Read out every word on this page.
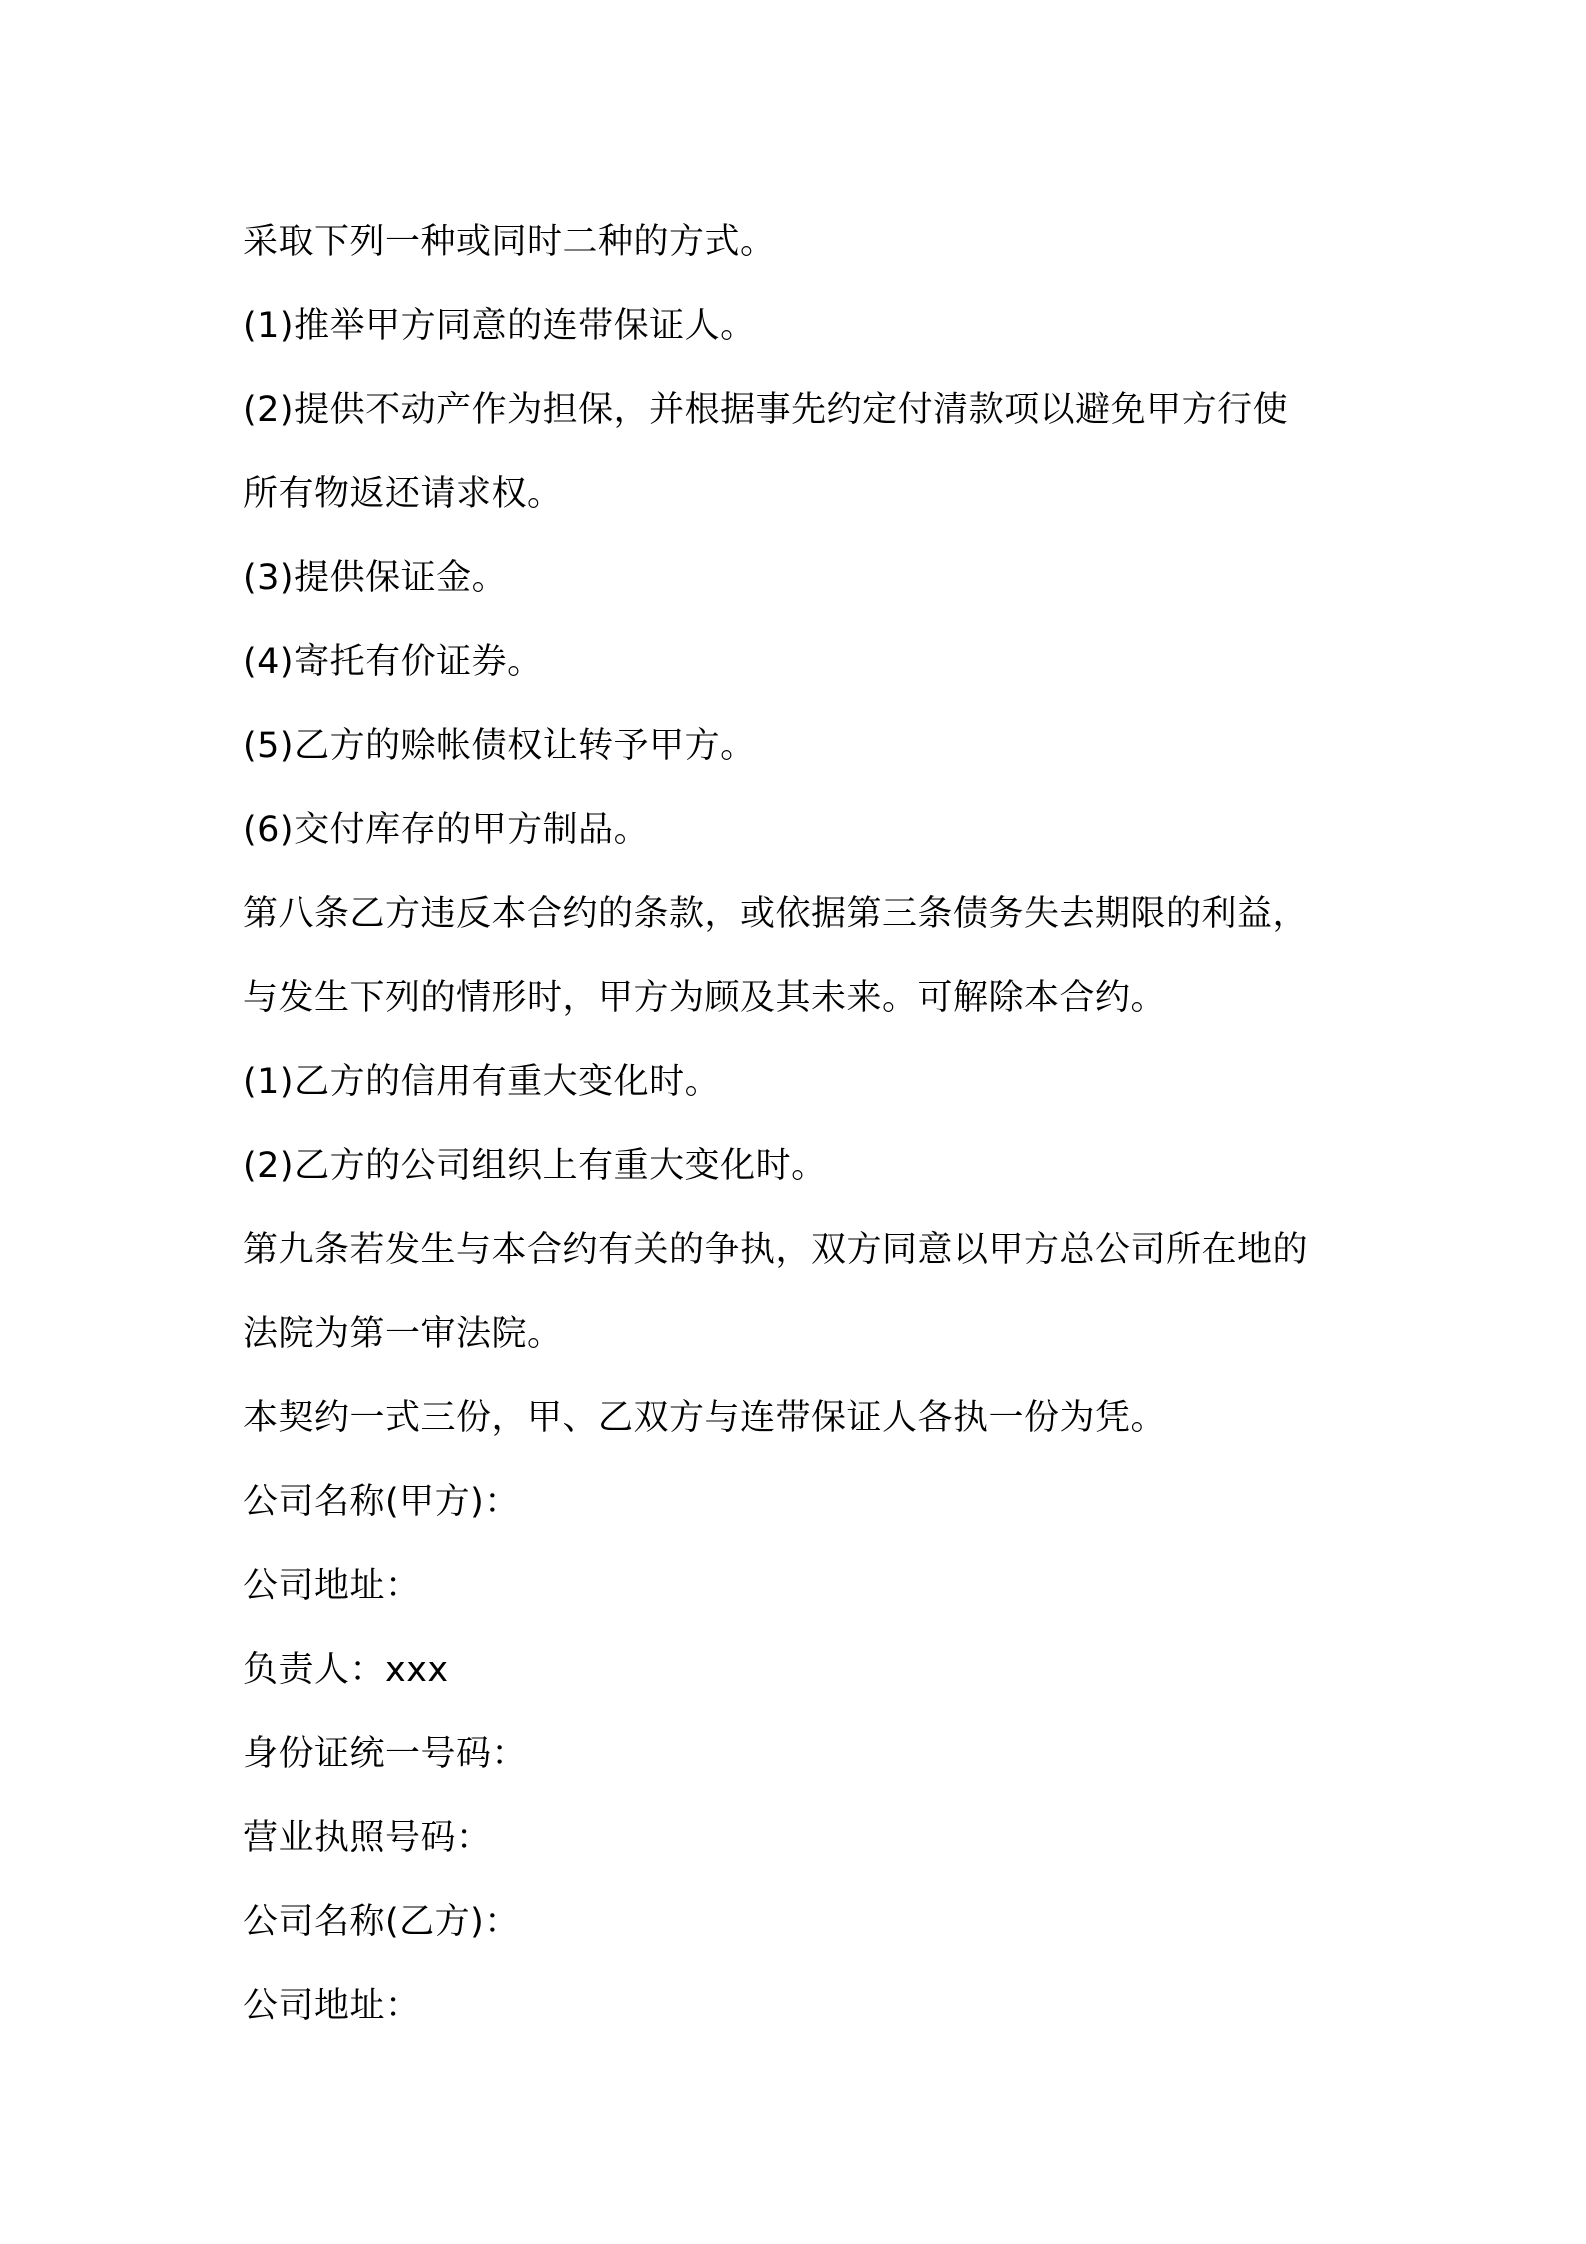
采取下列一种或同时二种的方式。

(1)推举甲方同意的连带保证人。

(2)提供不动产作为担保，并根据事先约定付清款项以避免甲方行使

所有物返还请求权。

(3)提供保证金。

(4)寄托有价证券。

(5)乙方的赊帐债权让转予甲方。

(6)交付库存的甲方制品。

第八条乙方违反本合约的条款，或依据第三条债务失去期限的利益，

与发生下列的情形时，甲方为顾及其未来。可解除本合约。

(1)乙方的信用有重大变化时。

(2)乙方的公司组织上有重大变化时。

第九条若发生与本合约有关的争执，双方同意以甲方总公司所在地的

法院为第一审法院。

本契约一式三份，甲、乙双方与连带保证人各执一份为凭。

公司名称(甲方)：

公司地址：

负责人：xxx

身份证统一号码：

营业执照号码：

公司名称(乙方)：

公司地址：
